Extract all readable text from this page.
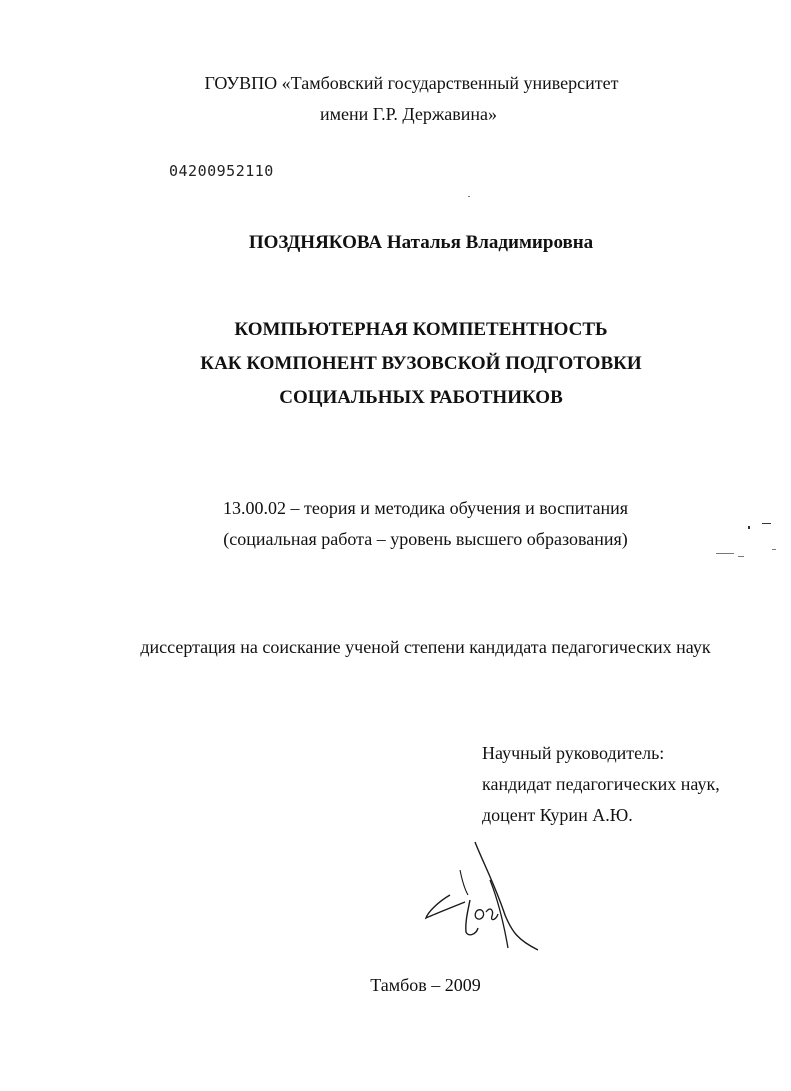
ГОУВПО «Тамбовский государственный университет
имени Г.Р. Державина»
04200952110
ПОЗДНЯКОВА Наталья Владимировна
КОМПЬЮТЕРНАЯ КОМПЕТЕНТНОСТЬ
КАК КОМПОНЕНТ ВУЗОВСКОЙ ПОДГОТОВКИ
СОЦИАЛЬНЫХ РАБОТНИКОВ
13.00.02 – теория и методика обучения и воспитания
(социальная работа – уровень высшего образования)
диссертация на соискание ученой степени кандидата педагогических наук
Научный руководитель:
кандидат педагогических наук,
доцент Курин А.Ю.
Тамбов – 2009
